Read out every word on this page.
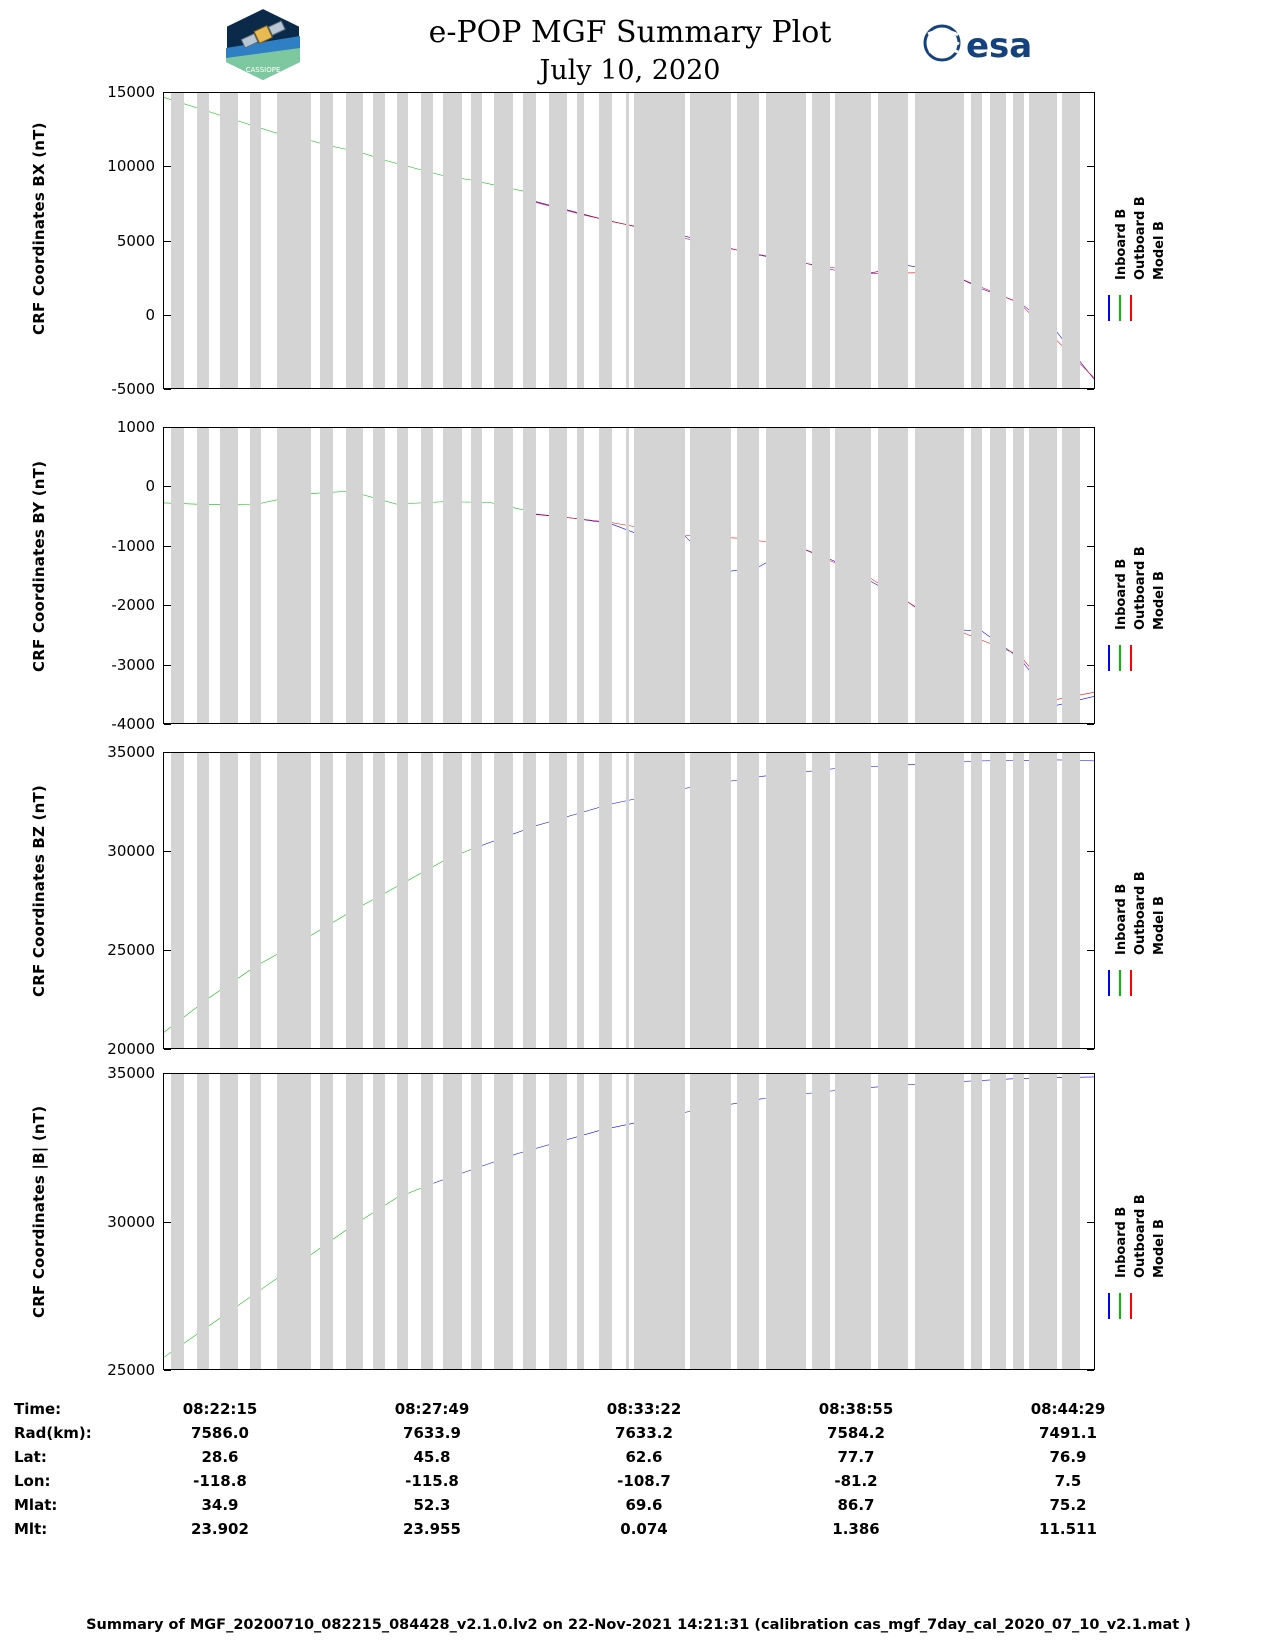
CASSIOPE
e-POP MGF Summary Plot
July 10, 2020
esa
CRF Coordinates BX (nT)
-5000
0
5000
10000
15000
Inboard B Outboard B Model B
CRF Coordinates BY (nT)
-4000
-3000
-2000
-1000
0
1000
Inboard B Outboard B Model B
CRF Coordinates BZ (nT)
20000
25000
30000
35000
Inboard B Outboard B Model B
CRF Coordinates |B| (nT)
25000
30000
35000
Inboard B Outboard B Model B
Time:	08:22:15	08:27:49	08:33:22	08:38:55	08:44:29
Rad(km):	7586.0	7633.9	7633.2	7584.2	7491.1
Lat:	28.6	45.8	62.6	77.7	76.9
Lon:	-118.8	-115.8	-108.7	-81.2	7.5
Mlat:	34.9	52.3	69.6	86.7	75.2
Mlt:	23.902	23.955	0.074	1.386	11.511
Summary of MGF_20200710_082215_084428_v2.1.0.lv2 on 22-Nov-2021 14:21:31 (calibration cas_mgf_7day_cal_2020_07_10_v2.1.mat )
